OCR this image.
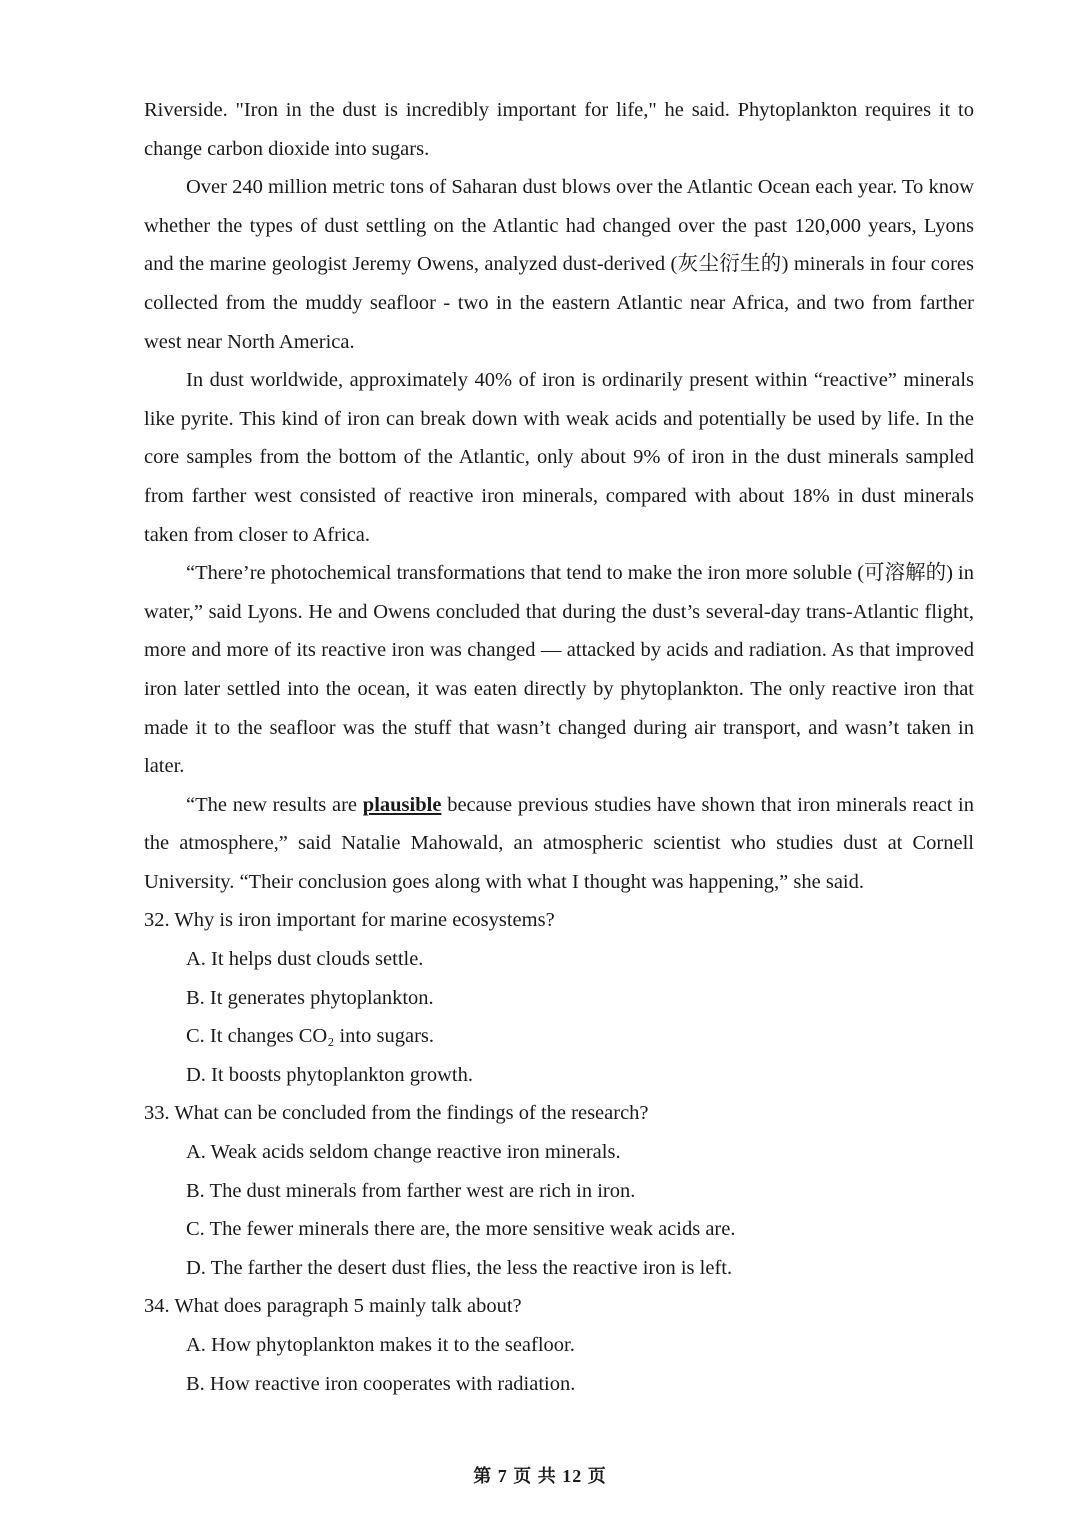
Riverside. "Iron in the dust is incredibly important for life," he said. Phytoplankton requires it to change carbon dioxide into sugars.

Over 240 million metric tons of Saharan dust blows over the Atlantic Ocean each year. To know whether the types of dust settling on the Atlantic had changed over the past 120,000 years, Lyons and the marine geologist Jeremy Owens, analyzed dust-derived (灰尘衍生的) minerals in four cores collected from the muddy seafloor - two in the eastern Atlantic near Africa, and two from farther west near North America.

In dust worldwide, approximately 40% of iron is ordinarily present within “reactive” minerals like pyrite. This kind of iron can break down with weak acids and potentially be used by life. In the core samples from the bottom of the Atlantic, only about 9% of iron in the dust minerals sampled from farther west consisted of reactive iron minerals, compared with about 18% in dust minerals taken from closer to Africa.

“There’re photochemical transformations that tend to make the iron more soluble (可溶解的) in water,” said Lyons. He and Owens concluded that during the dust’s several-day trans-Atlantic flight, more and more of its reactive iron was changed — attacked by acids and radiation. As that improved iron later settled into the ocean, it was eaten directly by phytoplankton. The only reactive iron that made it to the seafloor was the stuff that wasn’t changed during air transport, and wasn’t taken in later.

“The new results are plausible because previous studies have shown that iron minerals react in the atmosphere,” said Natalie Mahowald, an atmospheric scientist who studies dust at Cornell University. “Their conclusion goes along with what I thought was happening,” she said.

32. Why is iron important for marine ecosystems?

A. It helps dust clouds settle.

B. It generates phytoplankton.

C. It changes CO₂ into sugars.

D. It boosts phytoplankton growth.

33. What can be concluded from the findings of the research?

A. Weak acids seldom change reactive iron minerals.

B. The dust minerals from farther west are rich in iron.

C. The fewer minerals there are, the more sensitive weak acids are.

D. The farther the desert dust flies, the less the reactive iron is left.

34. What does paragraph 5 mainly talk about?

A. How phytoplankton makes it to the seafloor.

B. How reactive iron cooperates with radiation.

第 7 页 共 12 页
